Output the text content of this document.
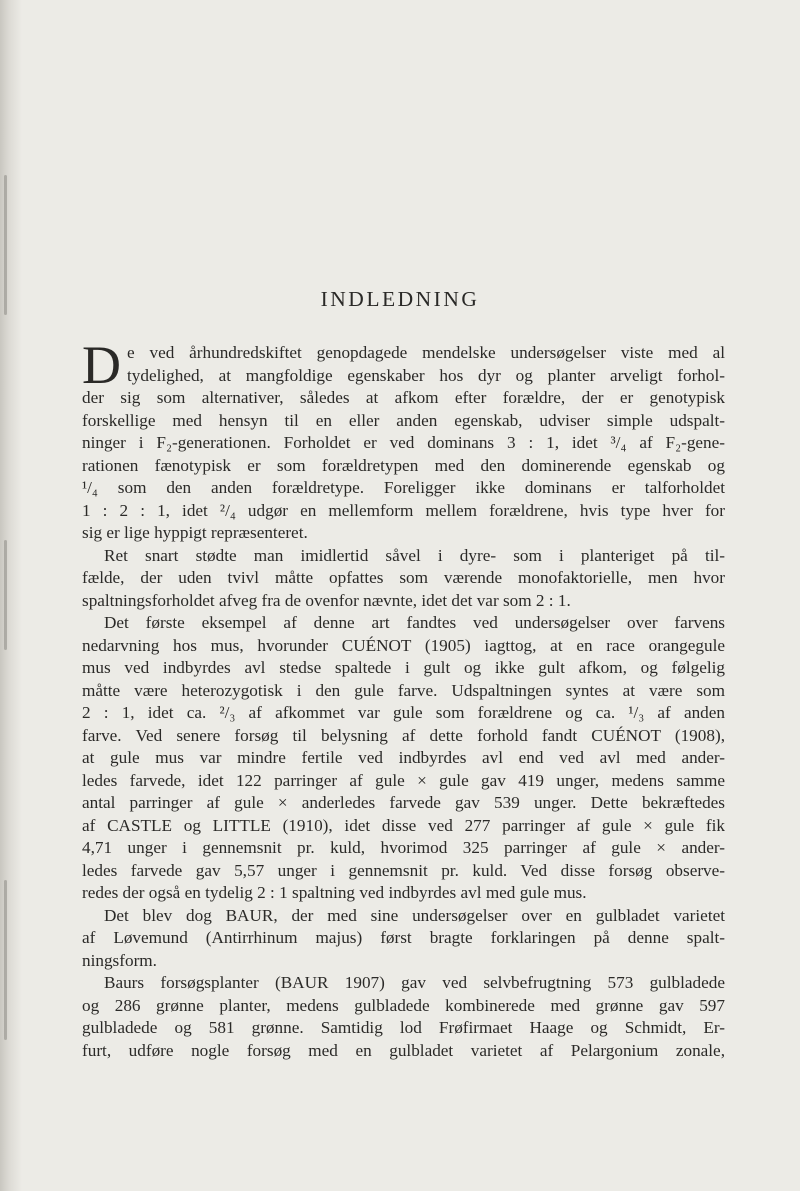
INDLEDNING
D e ved århundredskiftet genopdagede mendelske undersøgelser viste med al
tydelighed, at mangfoldige egenskaber hos dyr og planter arveligt forhol-
der sig som alternativer, således at afkom efter forældre, der er genotypisk
forskellige med hensyn til en eller anden egenskab, udviser simple udspalt-
ninger i F₂-generationen. Forholdet er ved dominans 3 : 1, idet ³/₄ af F₂-gene-
rationen fænotypisk er som forældretypen med den dominerende egenskab og
¹/₄ som den anden forældretype. Foreligger ikke dominans er talforholdet
1 : 2 : 1, idet ²/₄ udgør en mellemform mellem forældrene, hvis type hver for
sig er lige hyppigt repræsenteret.
Ret snart stødte man imidlertid såvel i dyre- som i planteriget på til-
fælde, der uden tvivl måtte opfattes som værende monofaktorielle, men hvor
spaltningsforholdet afveg fra de ovenfor nævnte, idet det var som 2 : 1.
Det første eksempel af denne art fandtes ved undersøgelser over farvens
nedarvning hos mus, hvorunder CUÉNOT (1905) iagttog, at en race orangegule
mus ved indbyrdes avl stedse spaltede i gult og ikke gult afkom, og følgelig
måtte være heterozygotisk i den gule farve. Udspaltningen syntes at være som
2 : 1, idet ca. ²/₃ af afkommet var gule som forældrene og ca. ¹/₃ af anden
farve. Ved senere forsøg til belysning af dette forhold fandt CUÉNOT (1908),
at gule mus var mindre fertile ved indbyrdes avl end ved avl med ander-
ledes farvede, idet 122 parringer af gule × gule gav 419 unger, medens samme
antal parringer af gule × anderledes farvede gav 539 unger. Dette bekræftedes
af CASTLE og LITTLE (1910), idet disse ved 277 parringer af gule × gule fik
4,71 unger i gennemsnit pr. kuld, hvorimod 325 parringer af gule × ander-
ledes farvede gav 5,57 unger i gennemsnit pr. kuld. Ved disse forsøg observe-
redes der også en tydelig 2 : 1 spaltning ved indbyrdes avl med gule mus.
Det blev dog BAUR, der med sine undersøgelser over en gulbladet varietet
af Løvemund (Antirrhinum majus) først bragte forklaringen på denne spalt-
ningsform.
Baurs forsøgsplanter (BAUR 1907) gav ved selvbefrugtning 573 gulbladede
og 286 grønne planter, medens gulbladede kombinerede med grønne gav 597
gulbladede og 581 grønne. Samtidig lod Frøfirmaet Haage og Schmidt, Er-
furt, udføre nogle forsøg med en gulbladet varietet af Pelargonium zonale,
